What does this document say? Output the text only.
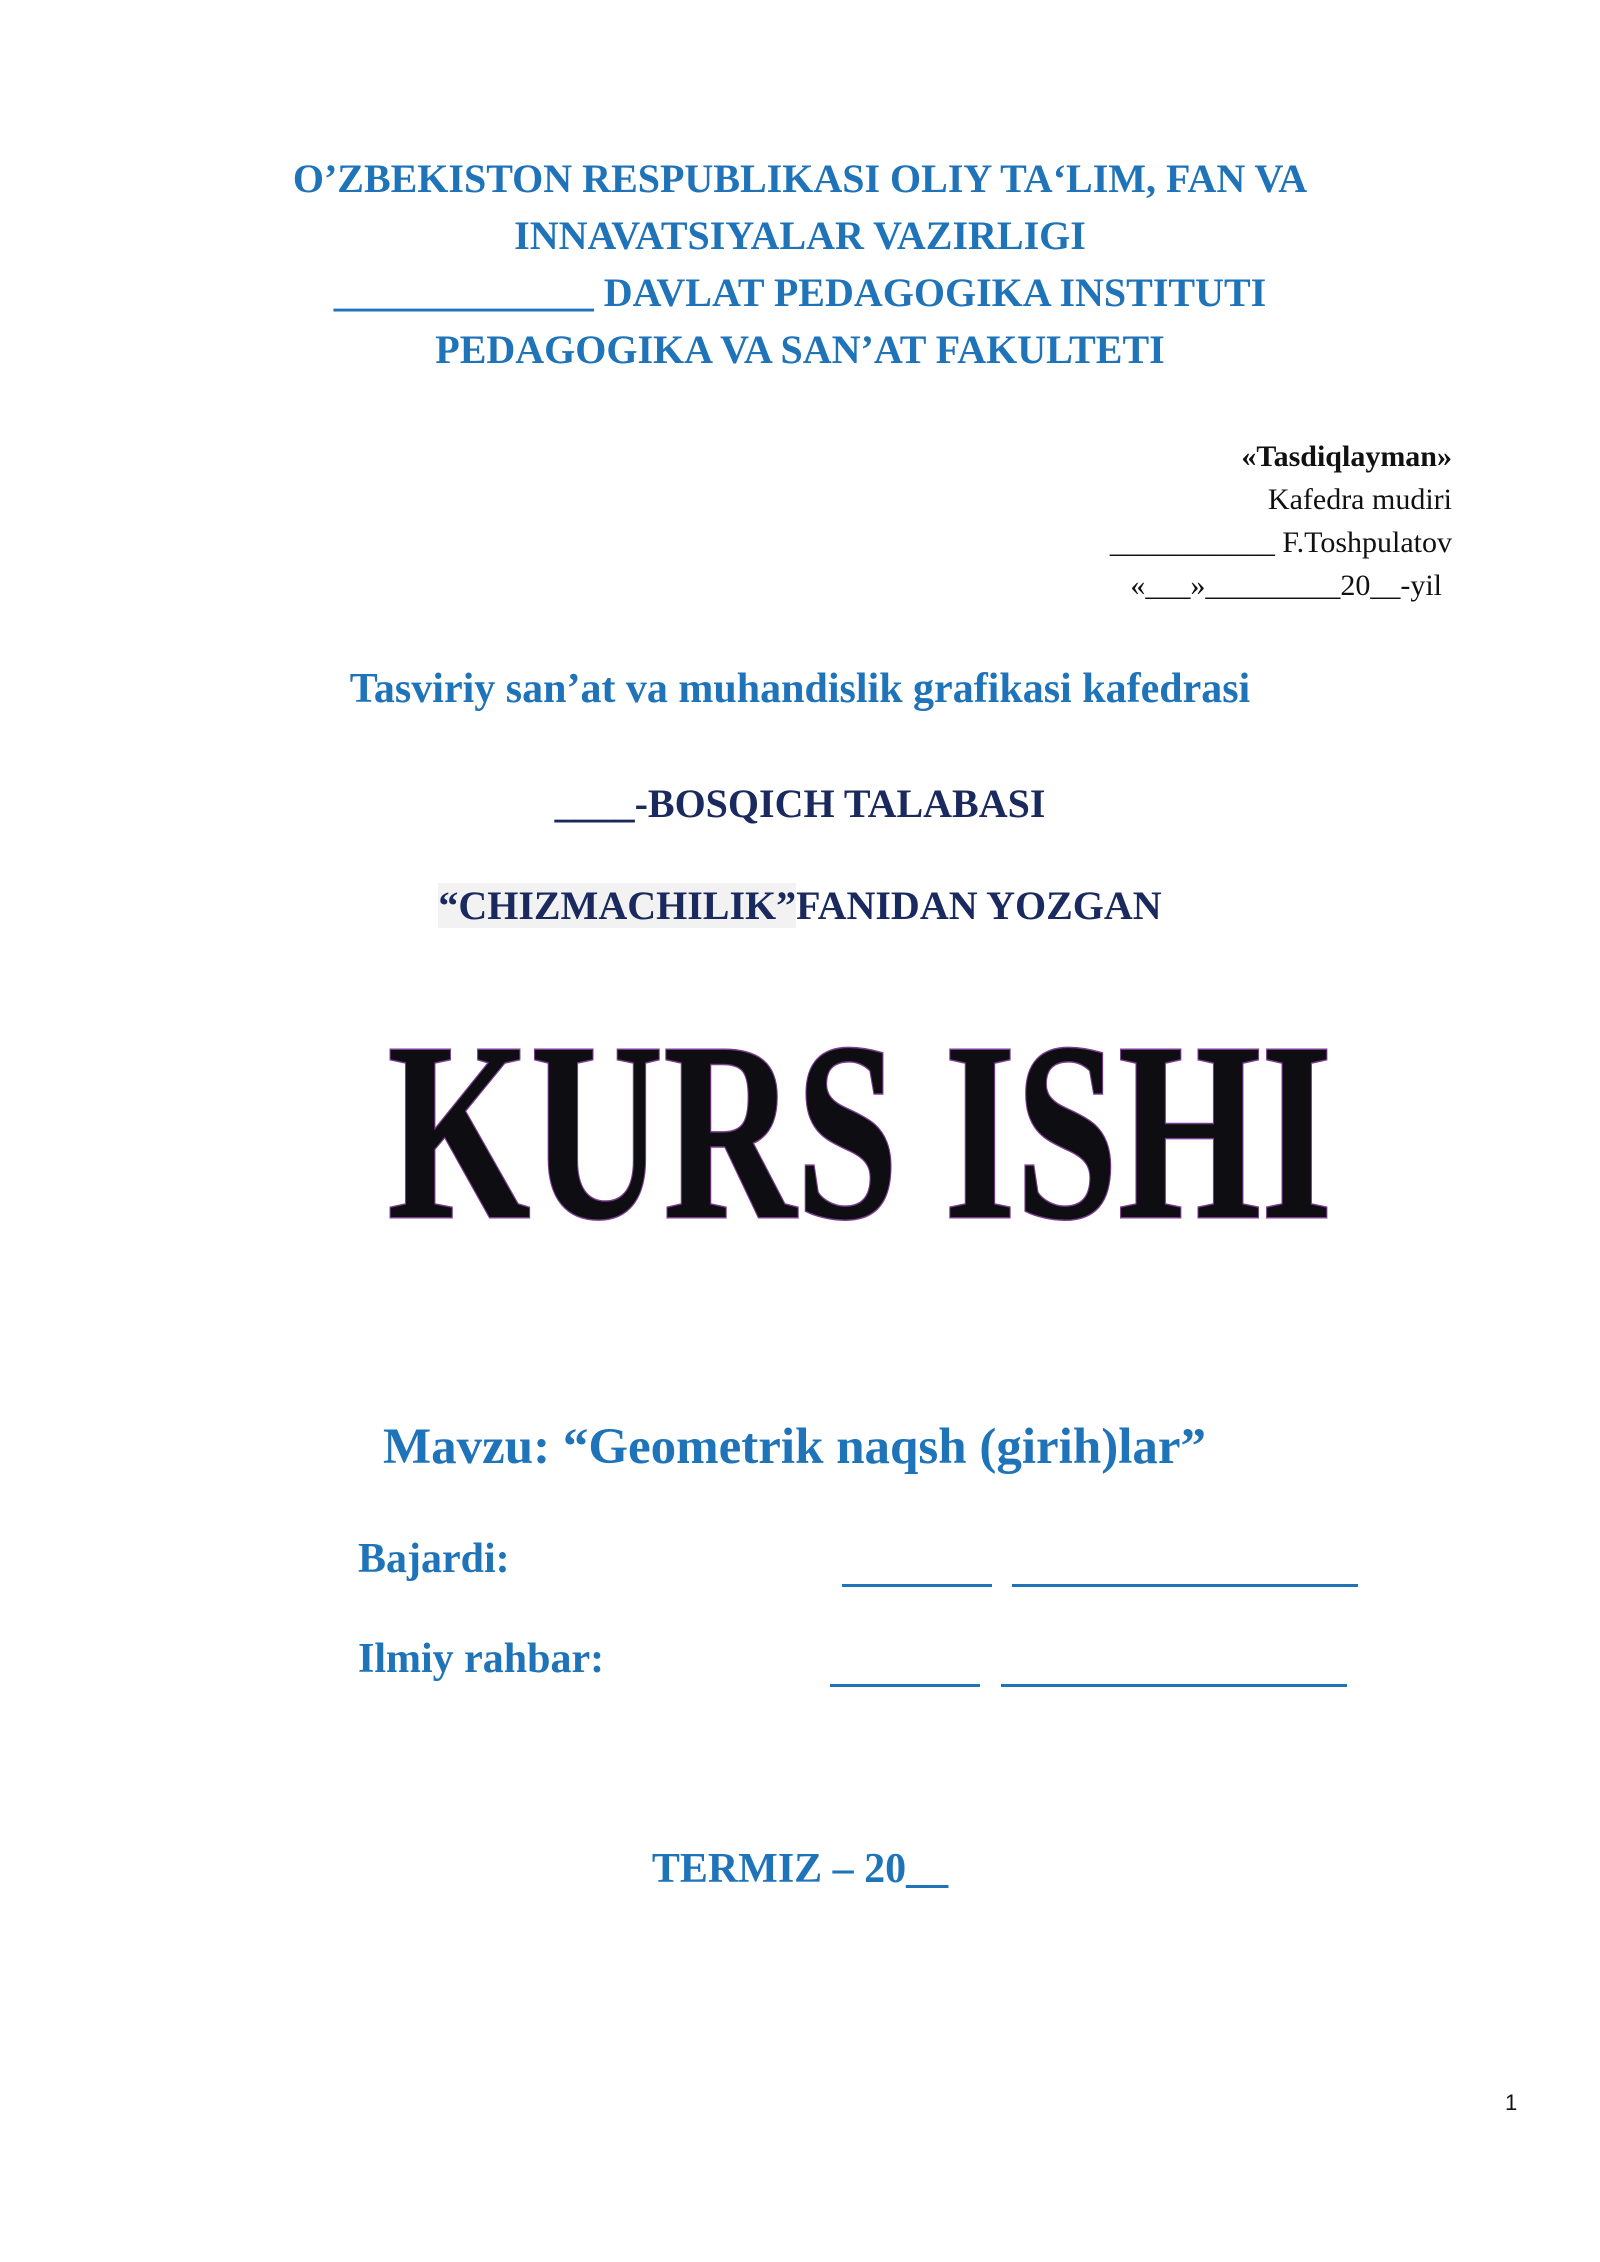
O’ZBEKISTON RESPUBLIKASI OLIY TA‘LIM, FAN VA
INNAVATSIYALAR VAZIRLIGI
_____________ DAVLAT PEDAGOGIKA INSTITUTI
PEDAGOGIKA VA SAN’AT FAKULTETI
«Tasdiqlayman»
Kafedra mudiri
___________ F.Toshpulatov
«___»_________20__-yil
Tasviriy san’at va muhandislik grafikasi kafedrasi
____-BOSQICH TALABASI
“CHIZMACHILIK”FANIDAN YOZGAN
KURS ISHI
Mavzu: “Geometrik naqsh (girih)lar”
Bajardi:
Ilmiy rahbar:
TERMIZ – 20__
1
